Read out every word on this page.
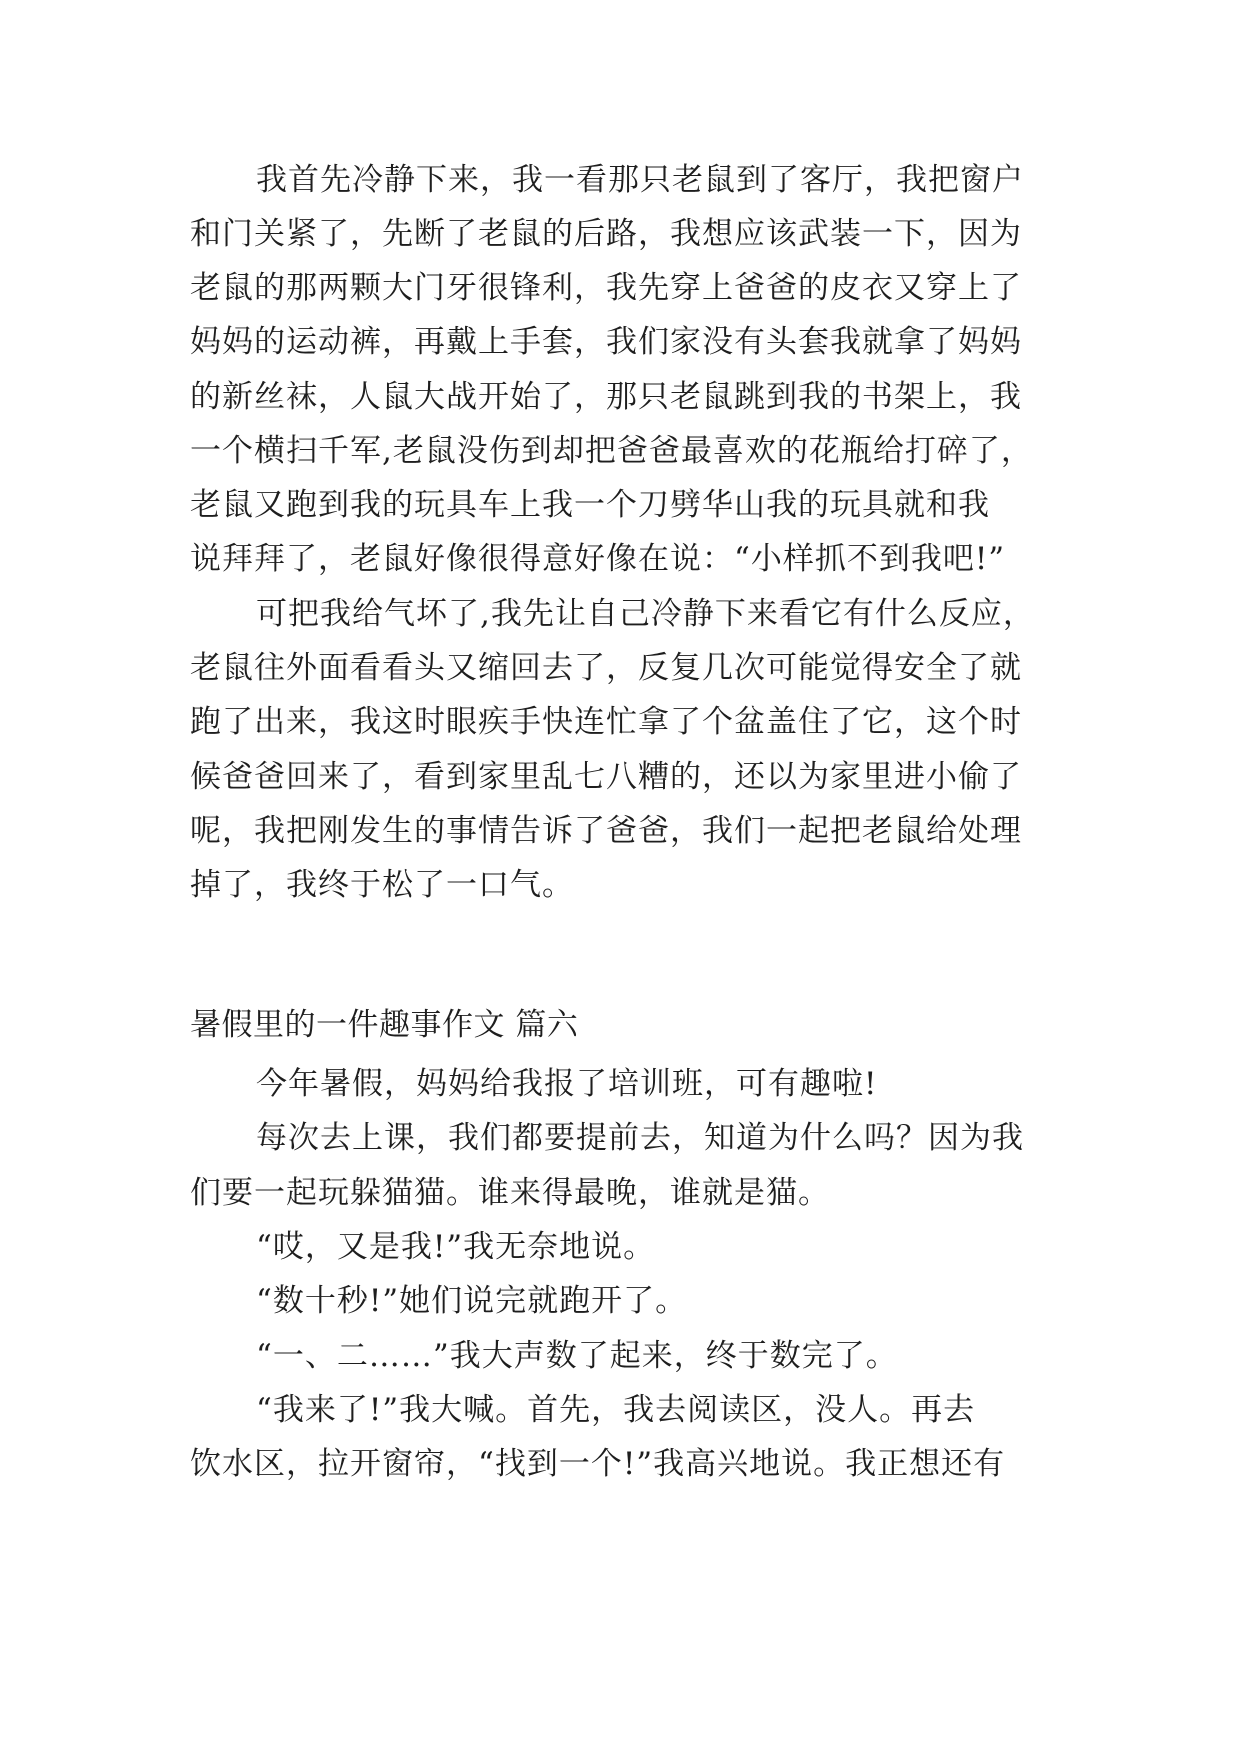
我首先冷静下来，我一看那只老鼠到了客厅，我把窗户
和门关紧了，先断了老鼠的后路，我想应该武装一下，因为
老鼠的那两颗大门牙很锋利，我先穿上爸爸的皮衣又穿上了
妈妈的运动裤，再戴上手套，我们家没有头套我就拿了妈妈
的新丝袜，人鼠大战开始了，那只老鼠跳到我的书架上，我
一个横扫千军,老鼠没伤到却把爸爸最喜欢的花瓶给打碎了，
老鼠又跑到我的玩具车上我一个刀劈华山我的玩具就和我
说拜拜了，老鼠好像很得意好像在说：“小样抓不到我吧!”
可把我给气坏了,我先让自己冷静下来看它有什么反应，
老鼠往外面看看头又缩回去了，反复几次可能觉得安全了就
跑了出来，我这时眼疾手快连忙拿了个盆盖住了它，这个时
候爸爸回来了，看到家里乱七八糟的，还以为家里进小偷了
呢，我把刚发生的事情告诉了爸爸，我们一起把老鼠给处理
掉了，我终于松了一口气。
暑假里的一件趣事作文 篇六
今年暑假，妈妈给我报了培训班，可有趣啦!
每次去上课，我们都要提前去，知道为什么吗？因为我
们要一起玩躲猫猫。谁来得最晚，谁就是猫。
“哎，又是我!”我无奈地说。
“数十秒!”她们说完就跑开了。
“一、二……”我大声数了起来，终于数完了。
“我来了!”我大喊。首先，我去阅读区，没人。再去
饮水区，拉开窗帘，“找到一个!”我高兴地说。我正想还有
